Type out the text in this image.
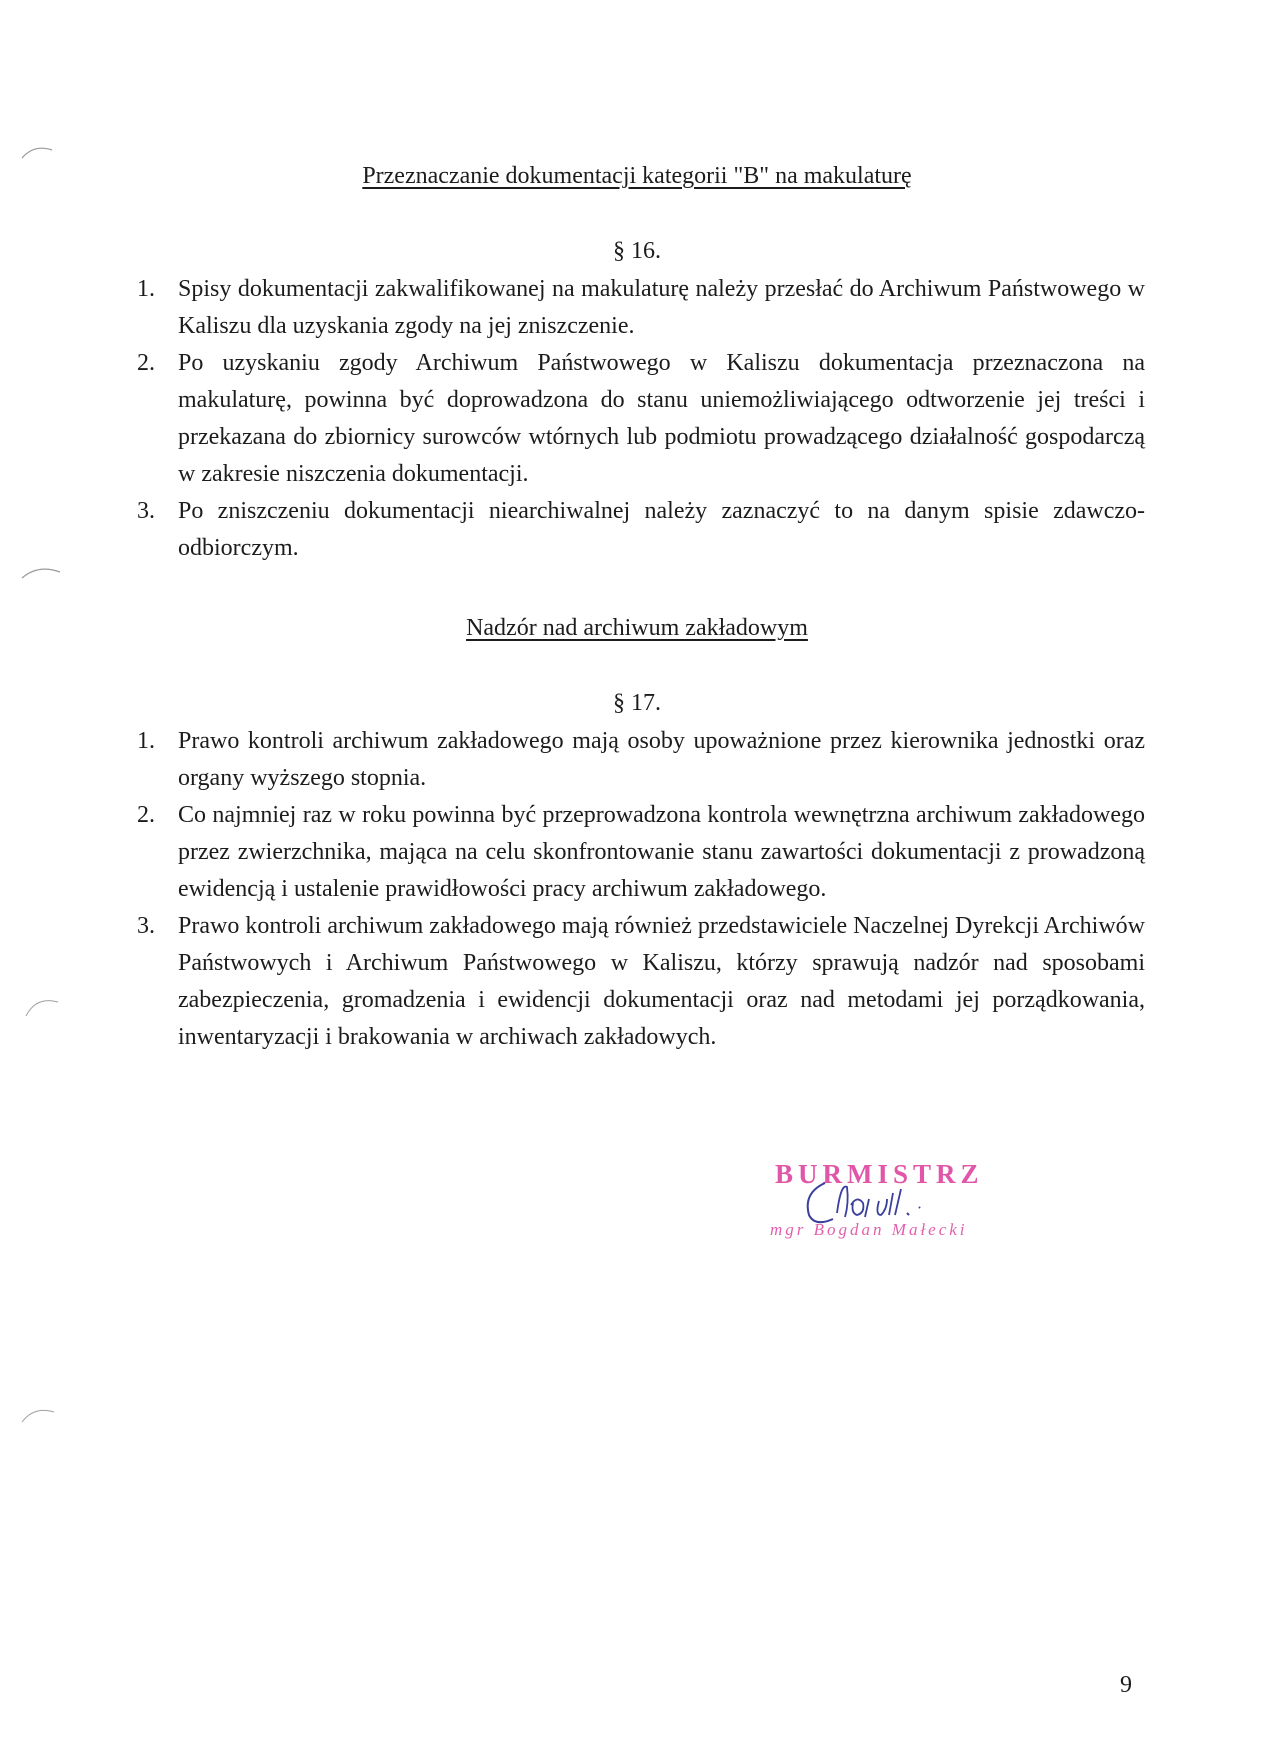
Przeznaczanie dokumentacji kategorii "B" na makulaturę

§ 16.

1. Spisy dokumentacji zakwalifikowanej na makulaturę należy przesłać do Archiwum Państwowego w Kaliszu dla uzyskania zgody na jej zniszczenie.
2. Po uzyskaniu zgody Archiwum Państwowego w Kaliszu dokumentacja przeznaczona na makulaturę, powinna być doprowadzona do stanu uniemożliwiającego odtworzenie jej treści i przekazana do zbiornicy surowców wtórnych lub podmiotu prowadzącego działalność gospodarczą w zakresie niszczenia dokumentacji.
3. Po zniszczeniu dokumentacji niearchiwalnej należy zaznaczyć to na danym spisie zdawczo-odbiorczym.
Nadzór nad archiwum zakładowym

§ 17.

1. Prawo kontroli archiwum zakładowego mają osoby upoważnione przez kierownika jednostki oraz organy wyższego stopnia.
2. Co najmniej raz w roku powinna być przeprowadzona kontrola wewnętrzna archiwum zakładowego przez zwierzchnika, mająca na celu skonfrontowanie stanu zawartości dokumentacji z prowadzoną ewidencją i ustalenie prawidłowości pracy archiwum zakładowego.
3. Prawo kontroli archiwum zakładowego mają również przedstawiciele Naczelnej Dyrekcji Archiwów Państwowych i Archiwum Państwowego w Kaliszu, którzy sprawują nadzór nad sposobami zabezpieczenia, gromadzenia i ewidencji dokumentacji oraz nad metodami jej porządkowania, inwentaryzacji i brakowania w archiwach zakładowych.
BURMISTRZ
mgr Bogdan Małecki

9
